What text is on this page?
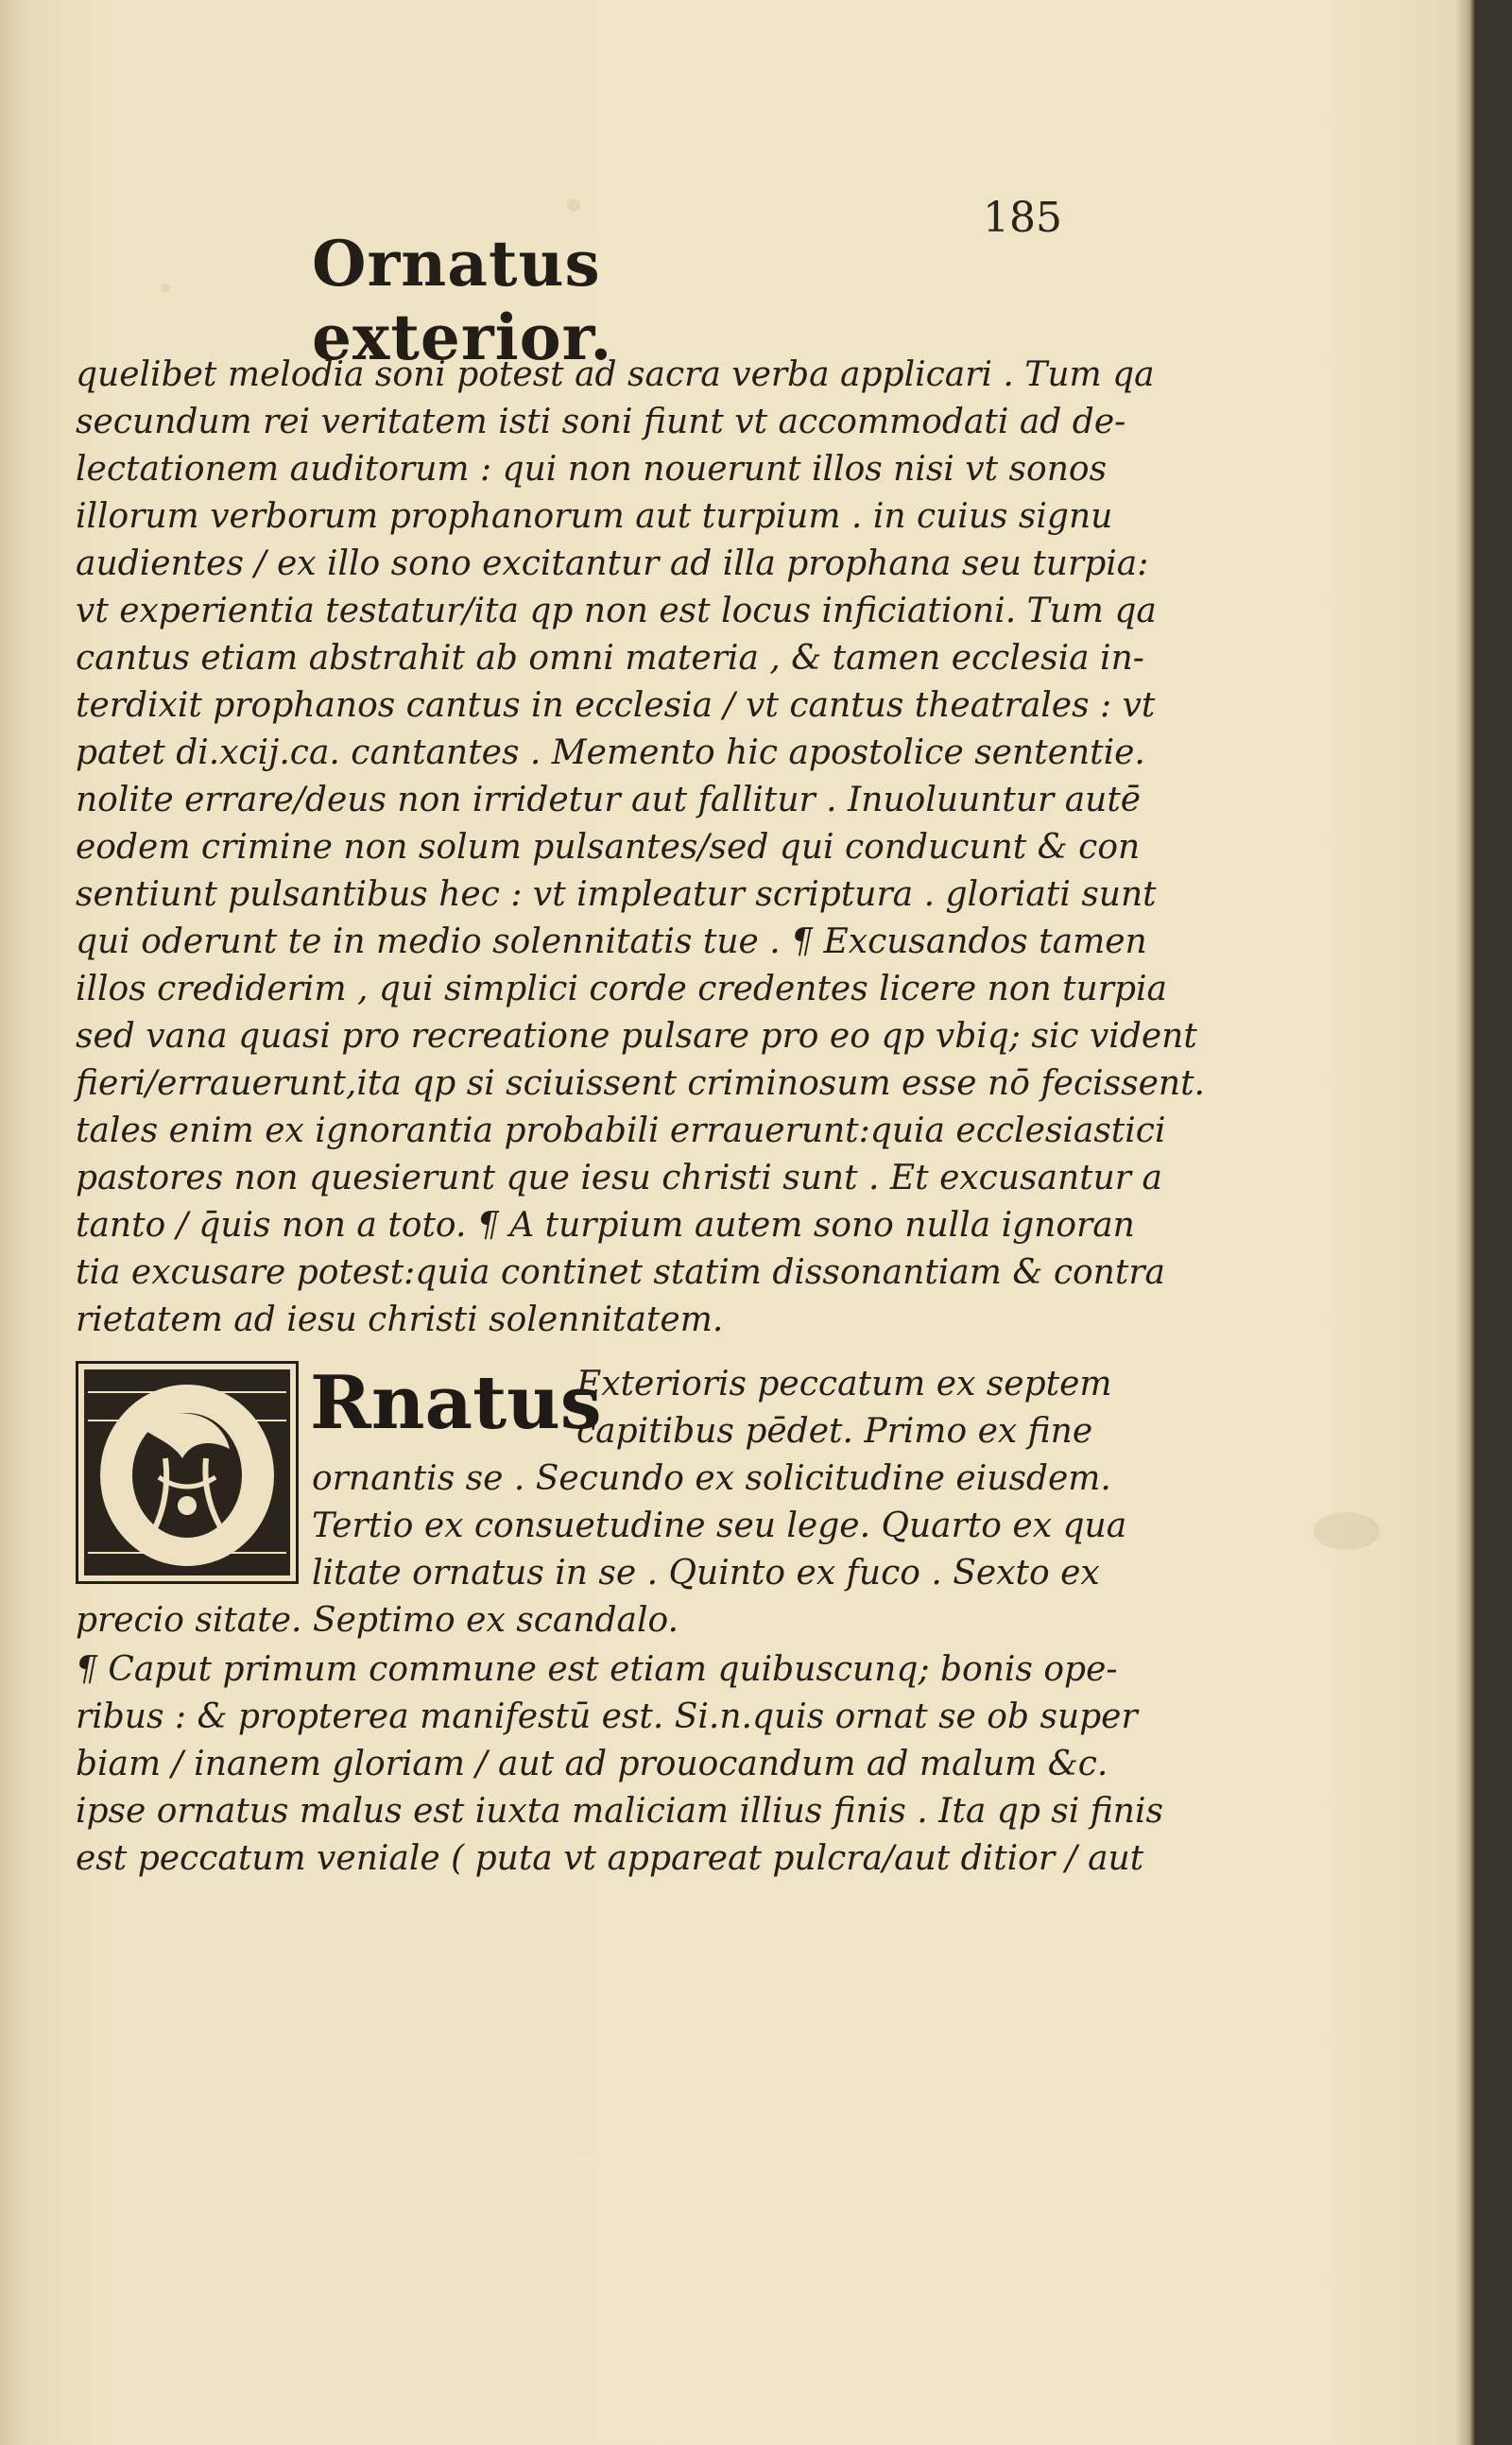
185
Ornatus exterior.
quelibet melodia soni potest ad sacra verba applicari . Tum qa
secundum rei veritatem isti soni fiunt vt accommodati ad de-
lectationem auditorum : qui non nouerunt illos nisi vt sonos
illorum verborum prophanorum aut turpium . in cuius signu
audientes / ex illo sono excitantur ad illa prophana seu turpia:
vt experientia testatur/ita qp non est locus inficiationi. Tum qa
cantus etiam abstrahit ab omni materia , & tamen ecclesia in-
terdixit prophanos cantus in ecclesia / vt cantus theatrales : vt
patet di.xcij.ca. cantantes . Memento hic apostolice sententie.
nolite errare/deus non irridetur aut fallitur . Inuoluuntur autē
eodem crimine non solum pulsantes/sed qui conducunt & con
sentiunt pulsantibus hec : vt impleatur scriptura . gloriati sunt
qui oderunt te in medio solennitatis tue . ¶ Excusandos tamen
illos crediderim , qui simplici corde credentes licere non turpia
sed vana quasi pro recreatione pulsare pro eo qp vbiq; sic vident
fieri/errauerunt,ita qp si sciuissent criminosum esse nō fecissent.
tales enim ex ignorantia probabili errauerunt:quia ecclesiastici
pastores non quesierunt que iesu christi sunt . Et excusantur a
tanto / q̄uis non a toto. ¶ A turpium autem sono nulla ignoran
tia excusare potest:quia continet statim dissonantiam & contra
rietatem ad iesu christi solennitatem.
Rnatus
Exterioris peccatum ex septem
capitibus pēdet. Primo ex fine
ornantis se . Secundo ex solicitudine eiusdem.
Tertio ex consuetudine seu lege. Quarto ex qua
litate ornatus in se . Quinto ex fuco . Sexto ex
precio sitate. Septimo ex scandalo.
¶ Caput primum commune est etiam quibuscunq; bonis ope-
ribus : & propterea manifestū est. Si.n.quis ornat se ob super
biam / inanem gloriam / aut ad prouocandum ad malum &c.
ipse ornatus malus est iuxta maliciam illius finis . Ita qp si finis
est peccatum veniale ( puta vt appareat pulcra/aut ditior / aut
